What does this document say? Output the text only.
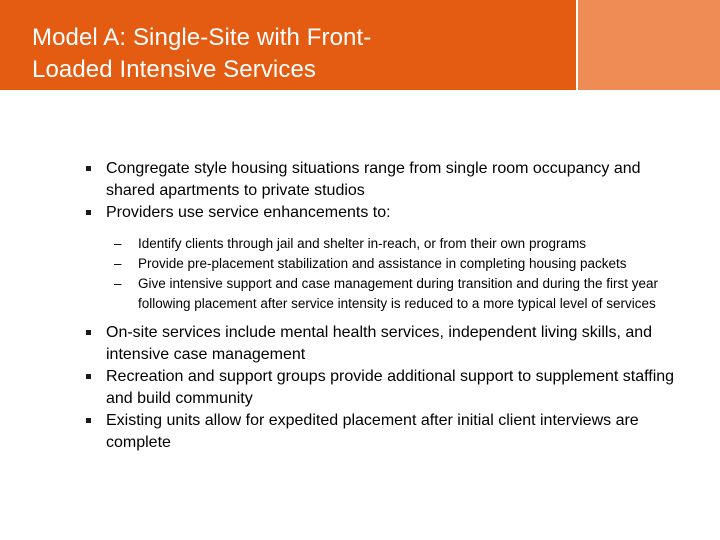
Model A: Single-Site with Front-
Loaded Intensive Services
Congregate style housing situations range from single room occupancy and shared apartments to private studios
Providers use service enhancements to:
– Identify clients through jail and shelter in-reach, or from their own programs
– Provide pre-placement stabilization and assistance in completing housing packets
– Give intensive support and case management during transition and during the first year following placement after service intensity is reduced to a more typical level of services
On-site services include mental health services, independent living skills, and intensive case management
Recreation and support groups provide additional support to supplement staffing and build community
Existing units allow for expedited placement after initial client interviews are complete
